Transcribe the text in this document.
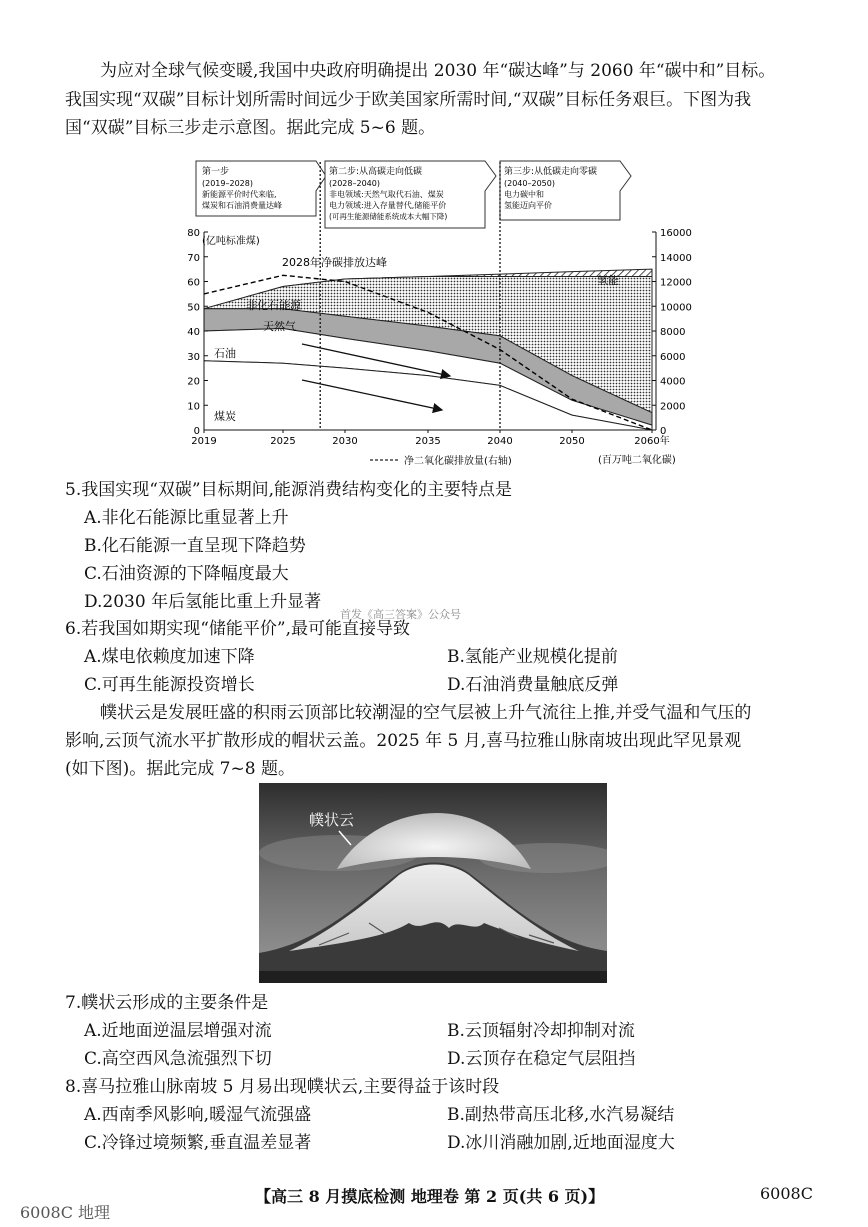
为应对全球气候变暖,我国中央政府明确提出 2030 年“碳达峰”与 2060 年“碳中和”目标。
我国实现“双碳”目标计划所需时间远少于欧美国家所需时间,“双碳”目标任务艰巨。下图为我
国“双碳”目标三步走示意图。据此完成 5~6 题。
第一步
(2019–2028)
新能源平价时代来临,
煤炭和石油消费量达峰
第二步:从高碳走向低碳
(2028–2040)
非电领域:天然气取代石油、煤炭
电力领域:进入存量替代,储能平价
(可再生能源储能系统成本大幅下降)
第三步:从低碳走向零碳
(2040–2050)
电力碳中和
氢能迈向平价
0
10
20
30
40
50
60
70
80
0
2000
4000
6000
8000
10000
12000
14000
16000
2019	2025	2030	2035	2040	2050	2060年
(亿吨标准煤)
(百万吨二氧化碳)
煤炭
石油
天然气
非化石能源
氢能
2028年净碳排放达峰
净二氧化碳排放量(右轴)
5.我国实现“双碳”目标期间,能源消费结构变化的主要特点是
A.非化石能源比重显著上升
B.化石能源一直呈现下降趋势
C.石油资源的下降幅度最大
D.2030 年后氢能比重上升显著
首发《高三答案》公众号
6.若我国如期实现“储能平价”,最可能直接导致
A.煤电依赖度加速下降	B.氢能产业规模化提前
C.可再生能源投资增长	D.石油消费量触底反弹
幞状云是发展旺盛的积雨云顶部比较潮湿的空气层被上升气流往上推,并受气温和气压的
影响,云顶气流水平扩散形成的帽状云盖。2025 年 5 月,喜马拉雅山脉南坡出现此罕见景观
(如下图)。据此完成 7~8 题。
幞状云
7.幞状云形成的主要条件是
A.近地面逆温层增强对流	B.云顶辐射冷却抑制对流
C.高空西风急流强烈下切	D.云顶存在稳定气层阻挡
8.喜马拉雅山脉南坡 5 月易出现幞状云,主要得益于该时段
A.西南季风影响,暖湿气流强盛	B.副热带高压北移,水汽易凝结
C.冷锋过境频繁,垂直温差显著	D.冰川消融加剧,近地面湿度大
6008C 地理
【高三 8 月摸底检测 地理卷 第 2 页(共 6 页)】	6008C
